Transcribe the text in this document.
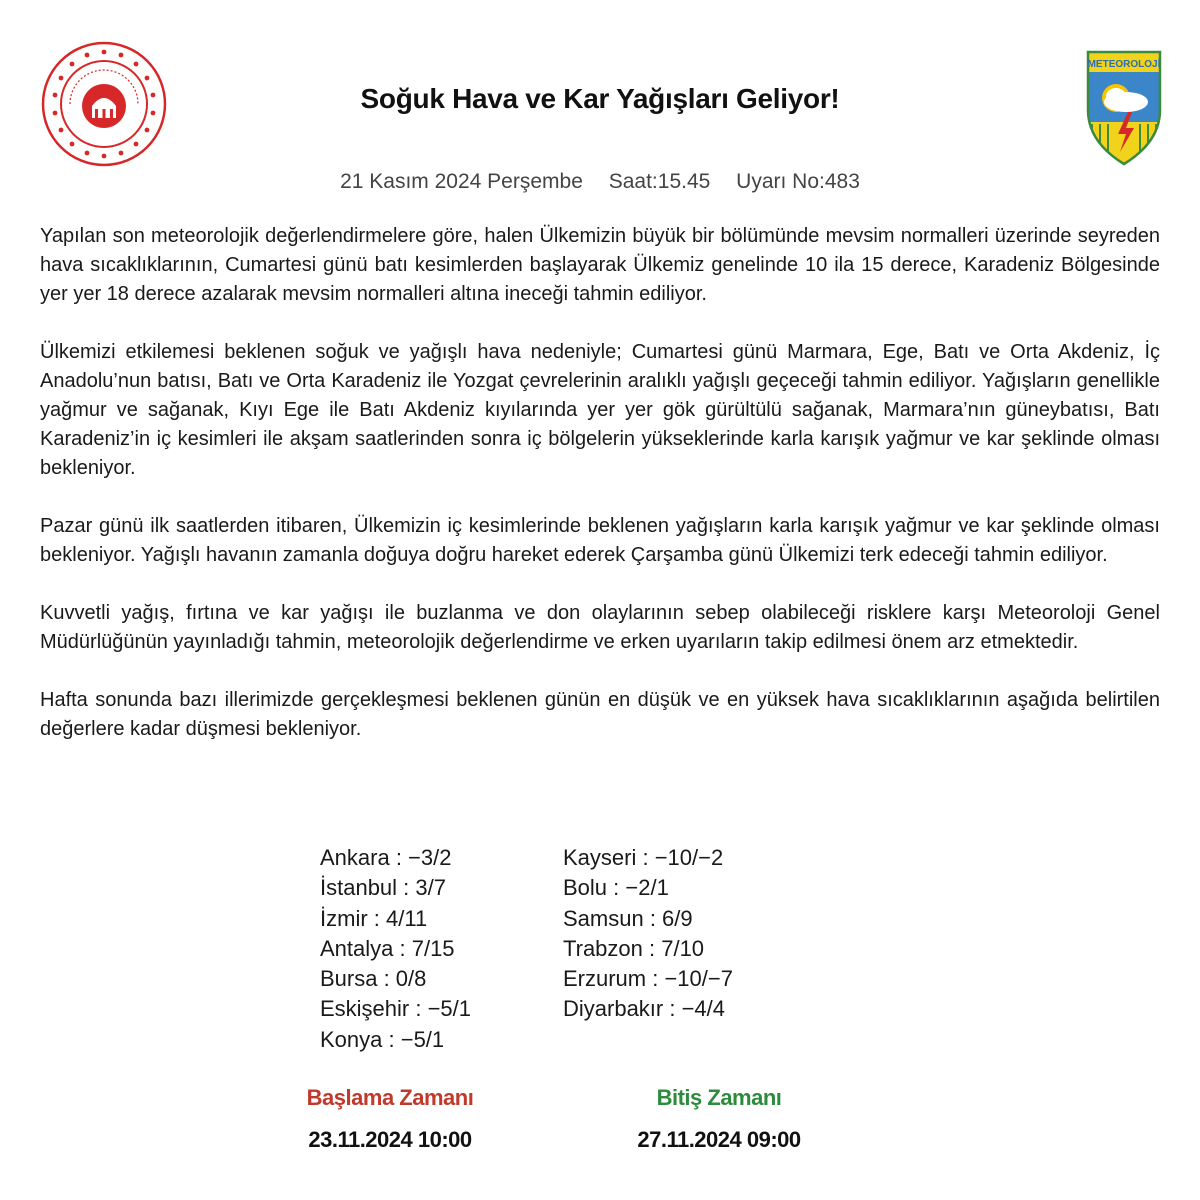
METEOROLOJİ
Soğuk Hava ve Kar Yağışları Geliyor!
21 Kasım 2024 Perşembe Saat:15.45 Uyarı No:483

Yapılan son meteorolojik değerlendirmelere göre, halen Ülkemizin büyük bir bölümünde mevsim normalleri üzerinde seyreden hava sıcaklıklarının, Cumartesi günü batı kesimlerden başlayarak Ülkemiz genelinde 10 ila 15 derece, Karadeniz Bölgesinde yer yer 18 derece azalarak mevsim normalleri altına ineceği tahmin ediliyor.

Ülkemizi etkilemesi beklenen soğuk ve yağışlı hava nedeniyle; Cumartesi günü Marmara, Ege, Batı ve Orta Akdeniz, İç Anadolu’nun batısı, Batı ve Orta Karadeniz ile Yozgat çevrelerinin aralıklı yağışlı geçeceği tahmin ediliyor. Yağışların genellikle yağmur ve sağanak, Kıyı Ege ile Batı Akdeniz kıyılarında yer yer gök gürültülü sağanak, Marmara’nın güneybatısı, Batı Karadeniz’in iç kesimleri ile akşam saatlerinden sonra iç bölgelerin yükseklerinde karla karışık yağmur ve kar şeklinde olması bekleniyor.

Pazar günü ilk saatlerden itibaren, Ülkemizin iç kesimlerinde beklenen yağışların karla karışık yağmur ve kar şeklinde olması bekleniyor. Yağışlı havanın zamanla doğuya doğru hareket ederek Çarşamba günü Ülkemizi terk edeceği tahmin ediliyor.

Kuvvetli yağış, fırtına ve kar yağışı ile buzlanma ve don olaylarının sebep olabileceği risklere karşı Meteoroloji Genel Müdürlüğünün yayınladığı tahmin, meteorolojik değerlendirme ve erken uyarıların takip edilmesi önem arz etmektedir.

Hafta sonunda bazı illerimizde gerçekleşmesi beklenen günün en düşük ve en yüksek hava sıcaklıklarının aşağıda belirtilen değerlere kadar düşmesi bekleniyor.

Ankara : −3/2
İstanbul : 3/7
İzmir : 4/11
Antalya : 7/15
Bursa : 0/8
Eskişehir : −5/1
Konya : −5/1
Kayseri : −10/−2
Bolu : −2/1
Samsun : 6/9
Trabzon : 7/10
Erzurum : −10/−7
Diyarbakır : −4/4
Başlama Zamanı
23.11.2024 10:00
Bitiş Zamanı
27.11.2024 09:00
